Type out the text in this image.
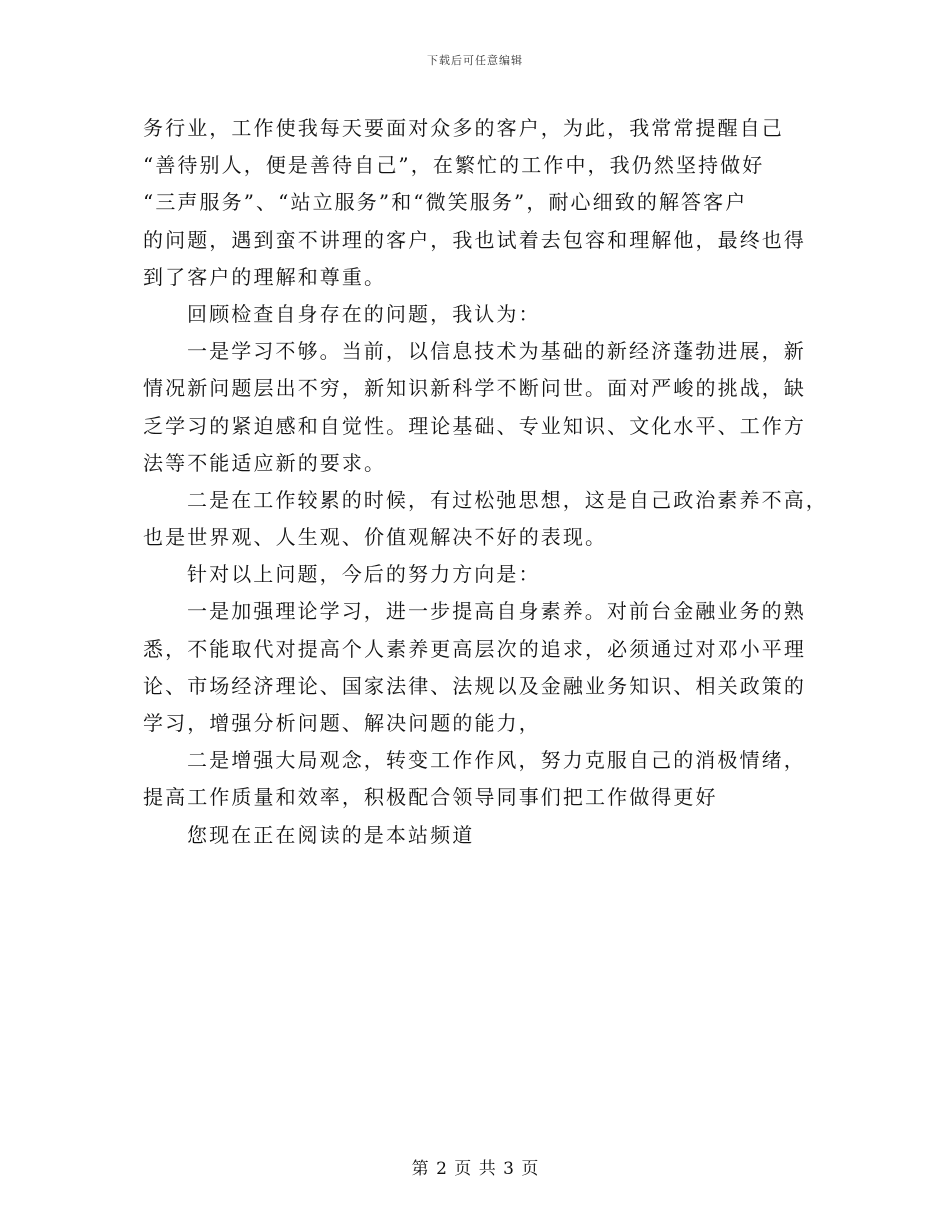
下载后可任意编辑
务行业，工作使我每天要面对众多的客户，为此，我常常提醒自己
“善待别人，便是善待自己”，在繁忙的工作中，我仍然坚持做好
“三声服务”、“站立服务”和“微笑服务”，耐心细致的解答客户
的问题，遇到蛮不讲理的客户，我也试着去包容和理解他，最终也得
到了客户的理解和尊重。
回顾检查自身存在的问题，我认为：
一是学习不够。当前，以信息技术为基础的新经济蓬勃进展，新
情况新问题层出不穷，新知识新科学不断问世。面对严峻的挑战，缺
乏学习的紧迫感和自觉性。理论基础、专业知识、文化水平、工作方
法等不能适应新的要求。
二是在工作较累的时候，有过松弛思想，这是自己政治素养不高，
也是世界观、人生观、价值观解决不好的表现。
针对以上问题，今后的努力方向是：
一是加强理论学习，进一步提高自身素养。对前台金融业务的熟
悉，不能取代对提高个人素养更高层次的追求，必须通过对邓小平理
论、市场经济理论、国家法律、法规以及金融业务知识、相关政策的
学习，增强分析问题、解决问题的能力，
二是增强大局观念，转变工作作风，努力克服自己的消极情绪，
提高工作质量和效率，积极配合领导同事们把工作做得更好
您现在正在阅读的是本站频道
第 2 页 共 3 页
